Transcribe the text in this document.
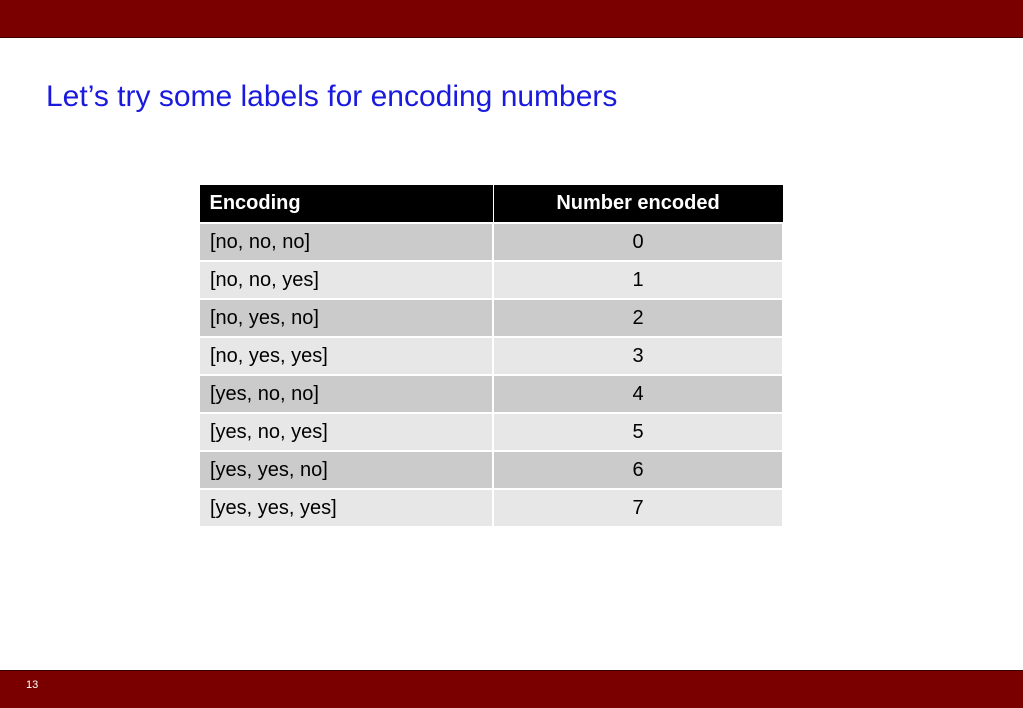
Let’s try some labels for encoding numbers
Encoding	Number encoded
[no, no, no]	0
[no, no, yes]	1
[no, yes, no]	2
[no, yes, yes]	3
[yes, no, no]	4
[yes, no, yes]	5
[yes, yes, no]	6
[yes, yes, yes]	7
13
